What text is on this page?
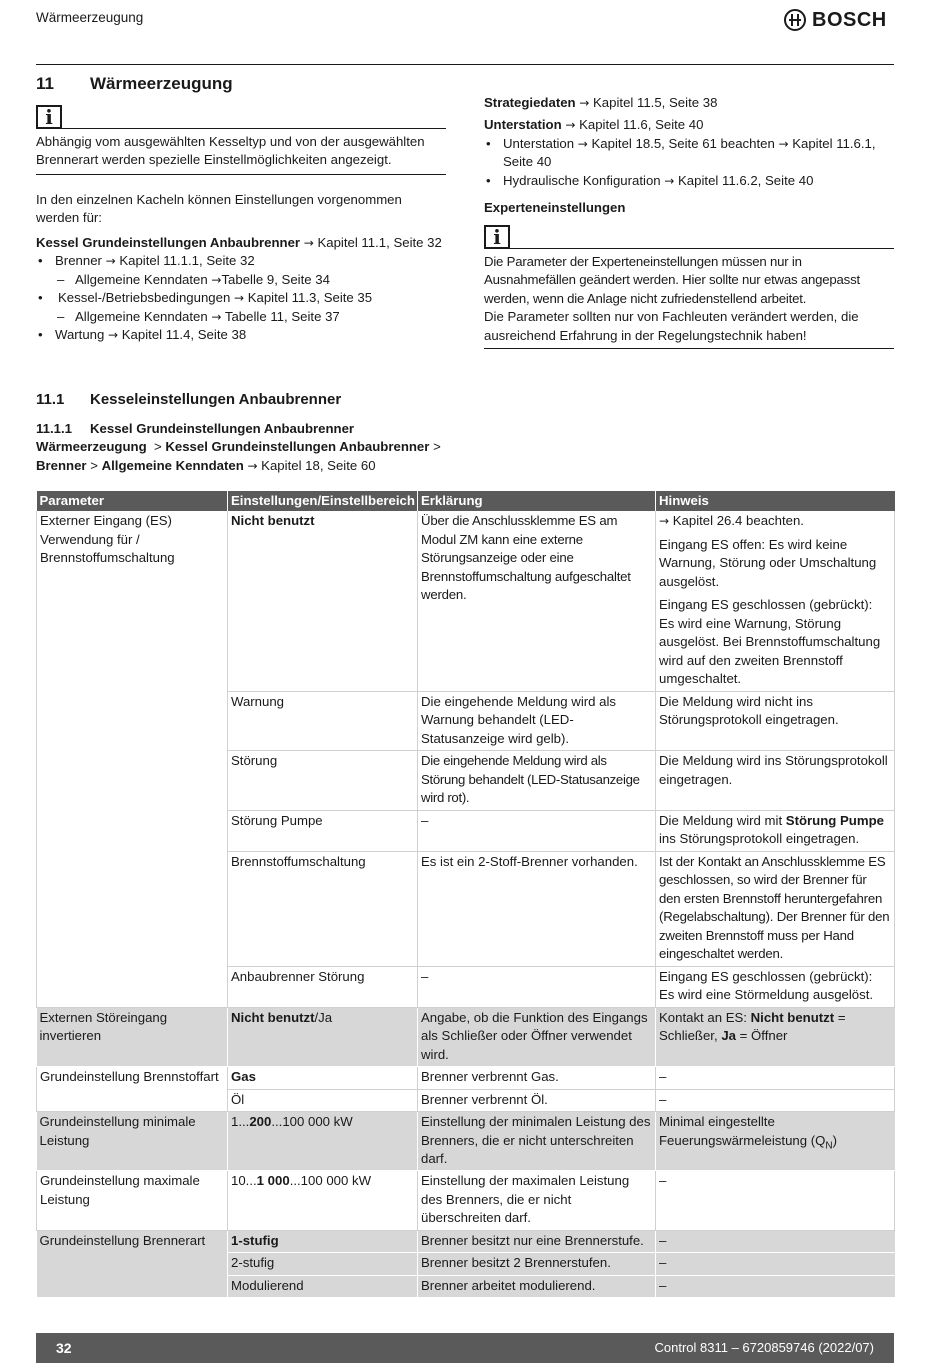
Wärmeerzeugung	BOSCH
11 Wärmeerzeugung
i

Abhängig vom ausgewählten Kesseltyp und von der ausgewählten Brennerart werden spezielle Einstellmöglichkeiten angezeigt.

In den einzelnen Kacheln können Einstellungen vorgenommen werden für:

Kessel Grundeinstellungen Anbaubrenner → Kapitel 11.1, Seite 32

• Brenner → Kapitel 11.1.1, Seite 32
– Allgemeine Kenndaten →Tabelle 9, Seite 34
• Kessel-/Betriebsbedingungen → Kapitel 11.3, Seite 35
– Allgemeine Kenndaten → Tabelle 11, Seite 37
• Wartung → Kapitel 11.4, Seite 38

Strategiedaten → Kapitel 11.5, Seite 38

Unterstation → Kapitel 11.6, Seite 40

• Unterstation → Kapitel 18.5, Seite 61 beachten → Kapitel 11.6.1, Seite 40
• Hydraulische Konfiguration → Kapitel 11.6.2, Seite 40

Experteneinstellungen

i

Die Parameter der Experteneinstellungen müssen nur in Ausnahmefällen geändert werden. Hier sollte nur etwas angepasst werden, wenn die Anlage nicht zufriedenstellend arbeitet.

Die Parameter sollten nur von Fachleuten verändert werden, die ausreichend Erfahrung in der Regelungstechnik haben!

11.1 Kesseleinstellungen Anbaubrenner

11.1.1 Kessel Grundeinstellungen Anbaubrenner

Wärmeerzeugung  > Kessel Grundeinstellungen Anbaubrenner > Brenner > Allgemeine Kenndaten → Kapitel 18, Seite 60

Parameter	Einstellungen/Einstellbereich	Erklärung	Hinweis
Externer Eingang (ES) Verwendung für / Brennstoffumschaltung	Nicht benutzt	Über die Anschlussklemme ES am Modul ZM kann eine externe Störungsanzeige oder eine Brennstoffumschaltung aufgeschaltet werden.	→ Kapitel 26.4 beachten.

Eingang ES offen: Es wird keine Warnung, Störung oder Umschaltung ausgelöst.

Eingang ES geschlossen (gebrückt): Es wird eine Warnung, Störung ausgelöst. Bei Brennstoffumschaltung wird auf den zweiten Brennstoff umgeschaltet.

	Warnung	Die eingehende Meldung wird als Warnung behandelt (LED-Statusanzeige wird gelb).	Die Meldung wird nicht ins Störungsprotokoll eingetragen.
	Störung	Die eingehende Meldung wird als Störung behandelt (LED-Statusanzeige wird rot).	Die Meldung wird ins Störungsprotokoll eingetragen.
	Störung Pumpe	–	Die Meldung wird mit Störung Pumpe ins Störungsprotokoll eingetragen.
	Brennstoffumschaltung	Es ist ein 2-Stoff-Brenner vorhanden.	Ist der Kontakt an Anschlussklemme ES geschlossen, so wird der Brenner für den ersten Brennstoff heruntergefahren (Regelabschaltung). Der Brenner für den zweiten Brennstoff muss per Hand eingeschaltet werden.
	Anbaubrenner Störung	–	Eingang ES geschlossen (gebrückt): Es wird eine Störmeldung ausgelöst.
Externen Störeingang invertieren	Nicht benutzt/Ja	Angabe, ob die Funktion des Eingangs als Schließer oder Öffner verwendet wird.	Kontakt an ES: Nicht benutzt = Schließer, Ja = Öffner
Grundeinstellung Brennstoffart	Gas	Brenner verbrennt Gas.	–
	Öl	Brenner verbrennt Öl.	–
Grundeinstellung minimale Leistung	1...200...100 000 kW	Einstellung der minimalen Leistung des Brenners, die er nicht unterschreiten darf.	Minimal eingestellte Feuerungswärmeleistung $(Q_N)$
Grundeinstellung maximale Leistung	10...1 000...100 000 kW	Einstellung der maximalen Leistung des Brenners, die er nicht überschreiten darf.	–
Grundeinstellung Brennerart	1-stufig	Brenner besitzt nur eine Brennerstufe.	–
	2-stufig	Brenner besitzt 2 Brennerstufen.	–
	Modulierend	Brenner arbeitet modulierend.	–
32	Control 8311 – 6720859746 (2022/07)
